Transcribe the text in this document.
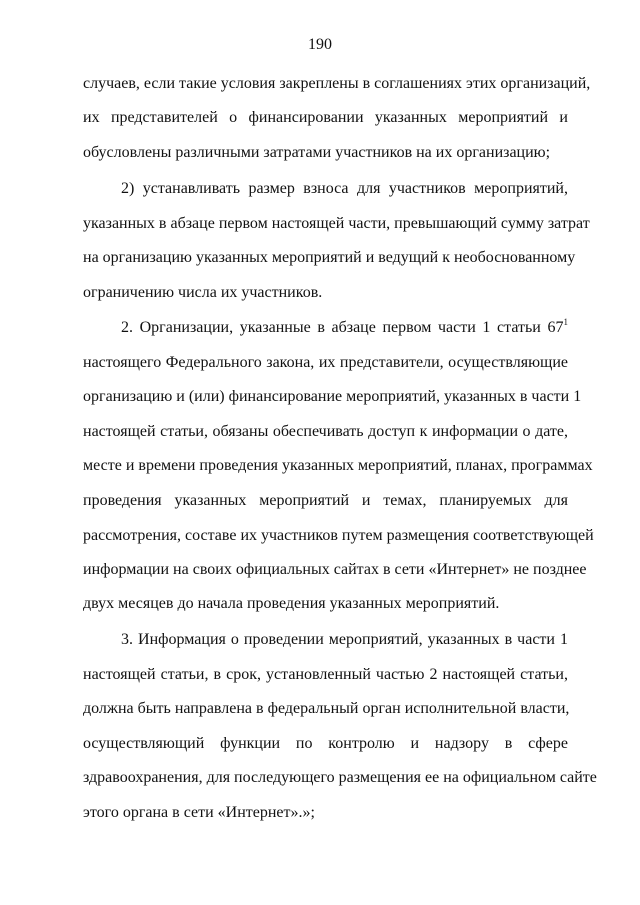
190
случаев, если такие условия закреплены в соглашениях этих организаций,
их представителей о финансировании указанных мероприятий и
обусловлены различными затратами участников на их организацию;
2) устанавливать размер взноса для участников мероприятий,
указанных в абзаце первом настоящей части, превышающий сумму затрат
на организацию указанных мероприятий и ведущий к необоснованному
ограничению числа их участников.
2. Организации, указанные в абзаце первом части 1 статьи $67^1$
настоящего Федерального закона, их представители, осуществляющие
организацию и (или) финансирование мероприятий, указанных в части 1
настоящей статьи, обязаны обеспечивать доступ к информации о дате,
месте и времени проведения указанных мероприятий, планах, программах
проведения указанных мероприятий и темах, планируемых для
рассмотрения, составе их участников путем размещения соответствующей
информации на своих официальных сайтах в сети «Интернет» не позднее
двух месяцев до начала проведения указанных мероприятий.
3. Информация о проведении мероприятий, указанных в части 1
настоящей статьи, в срок, установленный частью 2 настоящей статьи,
должна быть направлена в федеральный орган исполнительной власти,
осуществляющий функции по контролю и надзору в сфере
здравоохранения, для последующего размещения ее на официальном сайте
этого органа в сети «Интернет».»;
